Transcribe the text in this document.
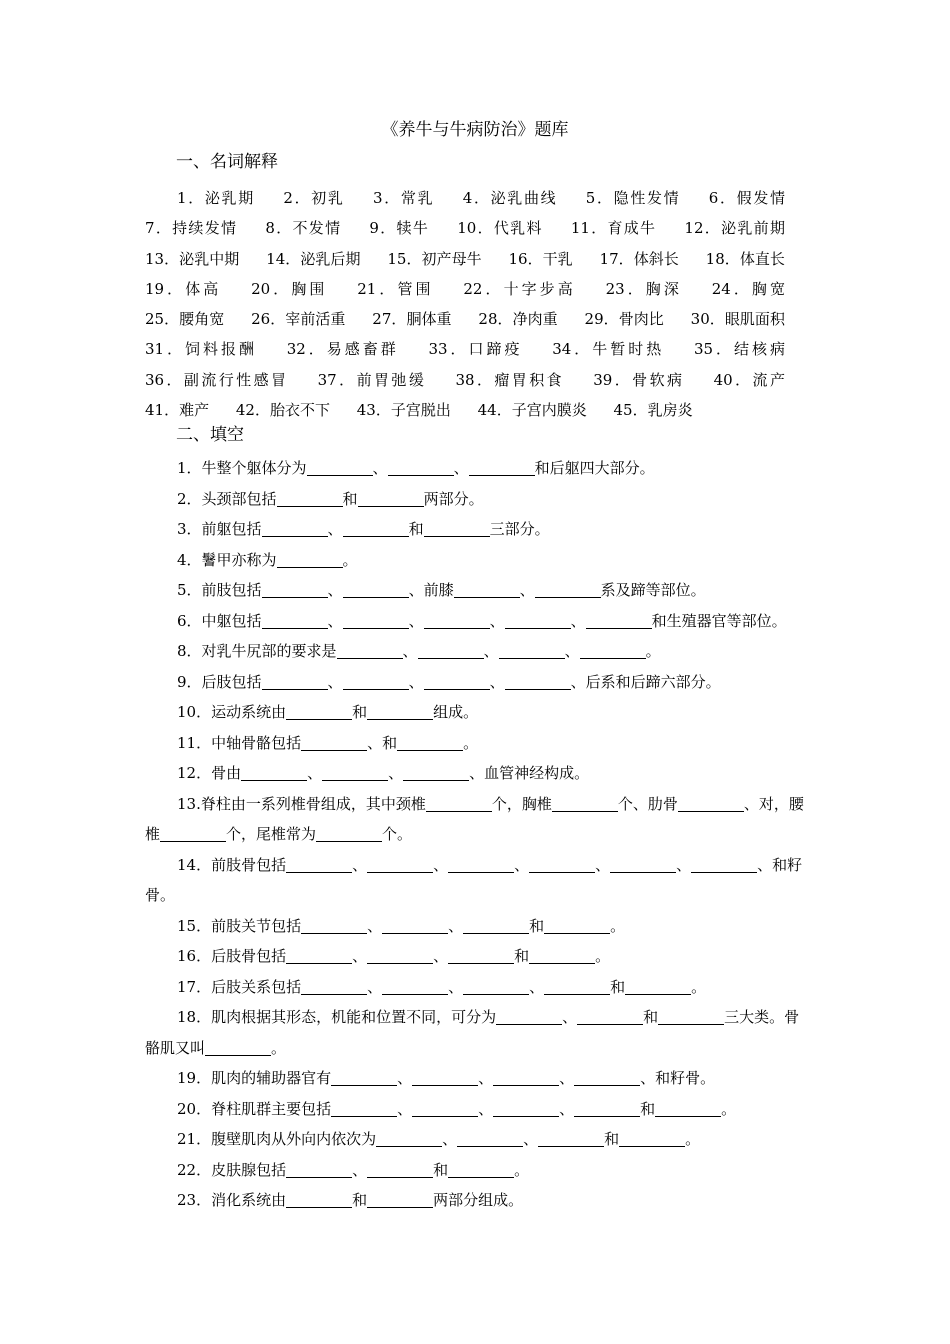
《养牛与牛病防治》题库
一、名词解释
1．泌乳期 2．初乳 3．常乳 4．泌乳曲线 5．隐性发情 6．假发情 7．持续发情 8．不发情 9．犊牛 10．代乳料 11．育成牛 12．泌乳前期 13．泌乳中期 14．泌乳后期 15．初产母牛 16．干乳 17．体斜长 18．体直长 19．体高 20．胸围 21．管围 22．十字步高 23．胸深 24．胸宽 25．腰角宽 26．宰前活重 27．胴体重 28．净肉重 29．骨肉比 30．眼肌面积 31．饲料报酬 32．易感畜群 33．口蹄疫 34．牛暂时热 35．结核病 36．副流行性感冒 37．前胃弛缓 38．瘤胃积食 39．骨软病 40．流产 41．难产 42．胎衣不下 43．子宫脱出 44．子宫内膜炎 45．乳房炎
二、填空
1．牛整个躯体分为	、	、	和后躯四大部分。
2．头颈部包括	和	两部分。
3．前躯包括	、	和	三部分。
4．鬐甲亦称为	。
5．前肢包括	、	、前膝	、	系及蹄等部位。
6．中躯包括	、	、	、	、	和生殖器官等部位。
8．对乳牛尻部的要求是	、	、	、	。
9．后肢包括	、	、	、	、后系和后蹄六部分。
10．运动系统由	和	组成。
11．中轴骨骼包括	、和	。
12．骨由	、	、	、血管神经构成。
13.脊柱由一系列椎骨组成，其中颈椎	个，胸椎	个、肋骨	、对，腰椎	个，尾椎常为	个。
14．前肢骨包括	、	、	、	、	、	、和籽骨。
15．前肢关节包括	、	、	和	。
16．后肢骨包括	、	、	和	。
17．后肢关系包括	、	、	、	和	。
18．肌肉根据其形态，机能和位置不同，可分为	、	和	三大类。骨骼肌又叫	。
19．肌肉的辅助器官有	、	、	、	、和籽骨。
20．脊柱肌群主要包括	、	、	、	和	。
21．腹壁肌肉从外向内依次为	、	、	和	。
22．皮肤腺包括	、	和	。
23．消化系统由	和	两部分组成。
